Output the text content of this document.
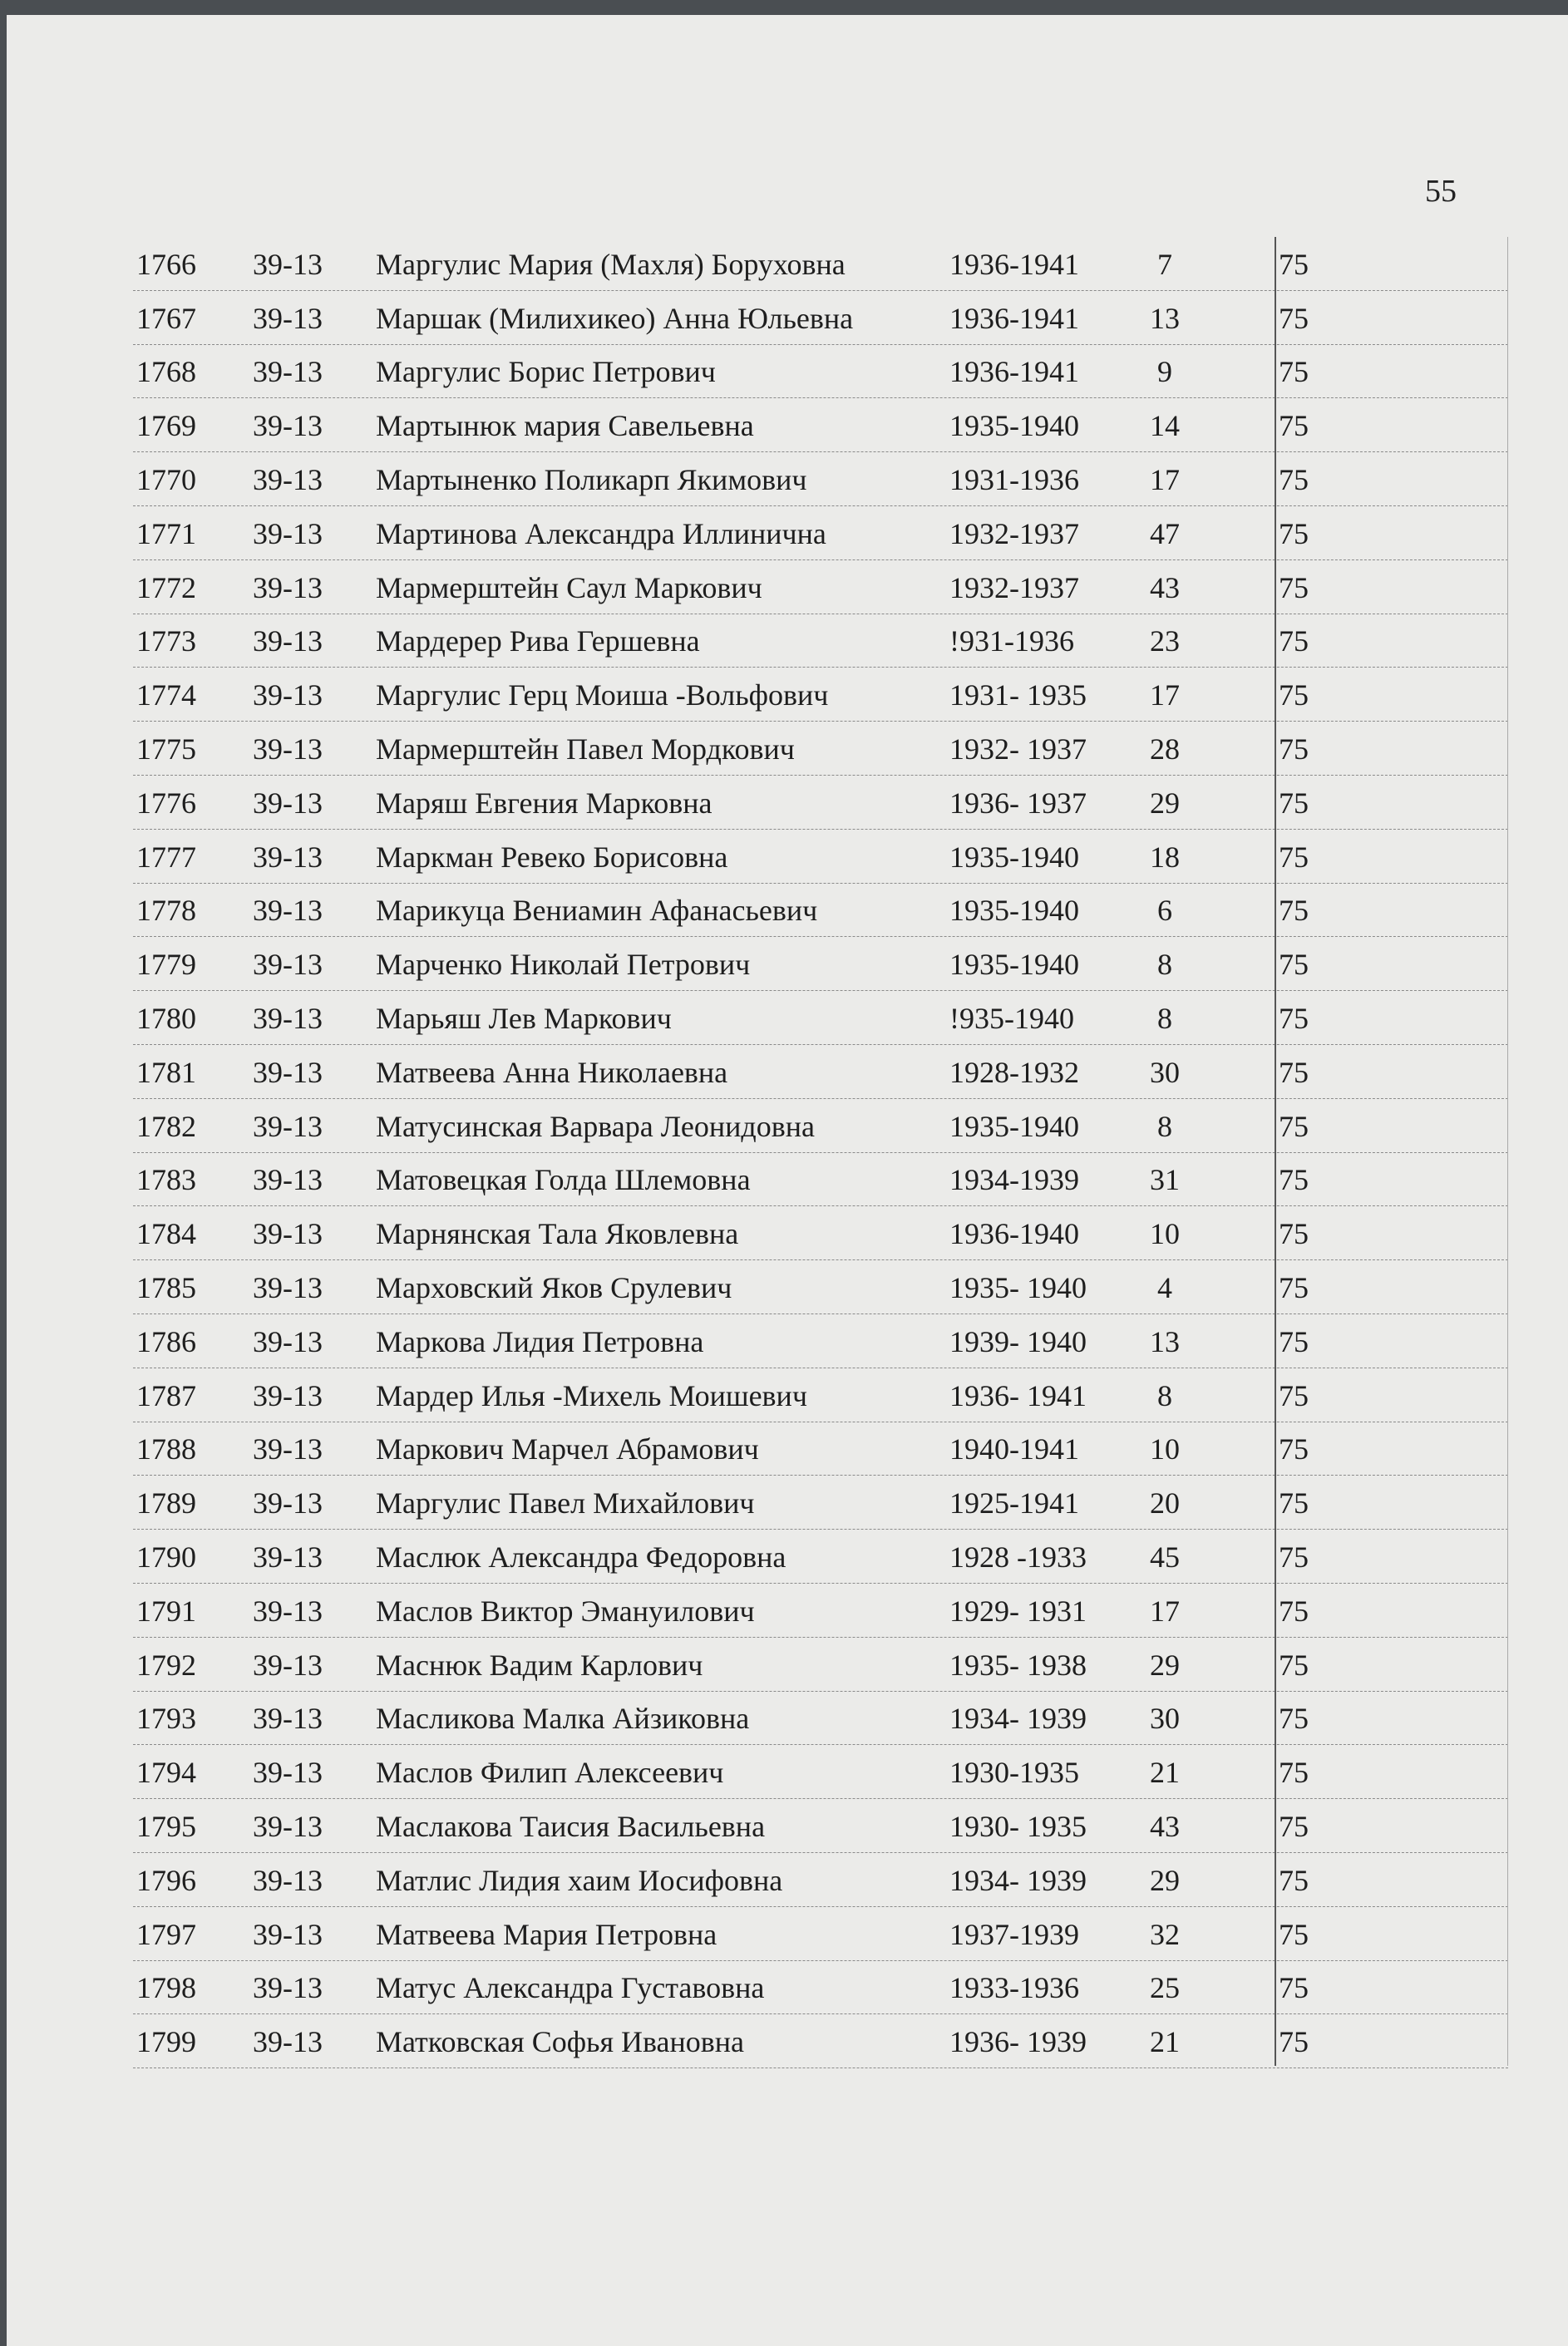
55
1766 39-13 Маргулис Мария (Махля) Боруховна	1936-1941	7	75
1767 39-13 Маршак (Милихикео) Анна Юльевна	1936-1941	13	75
1768 39-13 Маргулис Борис Петрович	1936-1941	9	75
1769 39-13 Мартынюк мария Савельевна	1935-1940	14	75
1770 39-13 Мартыненко Поликарп Якимович	1931-1936	17	75
1771 39-13 Мартинова Александра Иллинична	1932-1937	47	75
1772 39-13 Мармерштейн Саул Маркович	1932-1937	43	75
1773 39-13 Мардерер Рива Гершевна	!931-1936	23	75
1774 39-13 Маргулис Герц Моиша -Вольфович	1931- 1935	17	75
1775 39-13 Мармерштейн Павел Мордкович	1932- 1937	28	75
1776 39-13 Маряш Евгения Марковна	1936- 1937	29	75
1777 39-13 Маркман Ревеко Борисовна	1935-1940	18	75
1778 39-13 Марикуца Вениамин Афанасьевич	1935-1940	6	75
1779 39-13 Марченко Николай Петрович	1935-1940	8	75
1780 39-13 Марьяш Лев Маркович	!935-1940	8	75
1781 39-13 Матвеева Анна Николаевна	1928-1932	30	75
1782 39-13 Матусинская Варвара Леонидовна	1935-1940	8	75
1783 39-13 Матовецкая Голда Шлемовна	1934-1939	31	75
1784 39-13 Марнянская Тала Яковлевна	1936-1940	10	75
1785 39-13 Марховский Яков Срулевич	1935- 1940	4	75
1786 39-13 Маркова Лидия Петровна	1939- 1940	13	75
1787 39-13 Мардер Илья -Михель Моишевич	1936- 1941	8	75
1788 39-13 Маркович Марчел Абрамович	1940-1941	10	75
1789 39-13 Маргулис Павел Михайлович	1925-1941	20	75
1790 39-13 Маслюк Александра Федоровна	1928 -1933	45	75
1791 39-13 Маслов Виктор Эмануилович	1929- 1931	17	75
1792 39-13 Маснюк Вадим Карлович	1935- 1938	29	75
1793 39-13 Масликова Малка Айзиковна	1934- 1939	30	75
1794 39-13 Маслов Филип Алексеевич	1930-1935	21	75
1795 39-13 Маслакова Таисия Васильевна	1930- 1935	43	75
1796 39-13 Матлис Лидия хаим Иосифовна	1934- 1939	29	75
1797 39-13 Матвеева Мария Петровна	1937-1939	32	75
1798 39-13 Матус Александра Густавовна	1933-1936	25	75
1799 39-13 Матковская Софья Ивановна	1936- 1939	21	75
